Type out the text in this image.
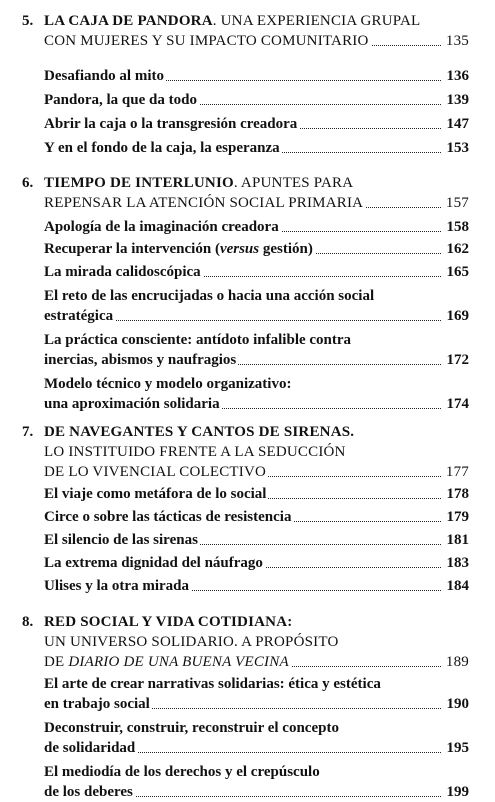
5. LA CAJA DE PANDORA. UNA EXPERIENCIA GRUPAL
CON MUJERES Y SU IMPACTO COMUNITARIO	135
Desafiando al mito	136
Pandora, la que da todo	139
Abrir la caja o la transgresión creadora	147
Y en el fondo de la caja, la esperanza	153
6. TIEMPO DE INTERLUNIO. APUNTES PARA
REPENSAR LA ATENCIÓN SOCIAL PRIMARIA	157
Apología de la imaginación creadora	158
Recuperar la intervención (versus gestión)	162
La mirada calidoscópica	165
El reto de las encrucijadas o hacia una acción social
estratégica	169
La práctica consciente: antídoto infalible contra
inercias, abismos y naufragios	172
Modelo técnico y modelo organizativo:
una aproximación solidaria	174
7. DE NAVEGANTES Y CANTOS DE SIRENAS.
LO INSTITUIDO FRENTE A LA SEDUCCIÓN
DE LO VIVENCIAL COLECTIVO	177
El viaje como metáfora de lo social	178
Circe o sobre las tácticas de resistencia	179
El silencio de las sirenas	181
La extrema dignidad del náufrago	183
Ulises y la otra mirada	184
8. RED SOCIAL Y VIDA COTIDIANA:
UN UNIVERSO SOLIDARIO. A PROPÓSITO
DE DIARIO DE UNA BUENA VECINA	189
El arte de crear narrativas solidarias: ética y estética
en trabajo social	190
Deconstruir, construir, reconstruir el concepto
de solidaridad	195
El mediodía de los derechos y el crepúsculo
de los deberes	199
